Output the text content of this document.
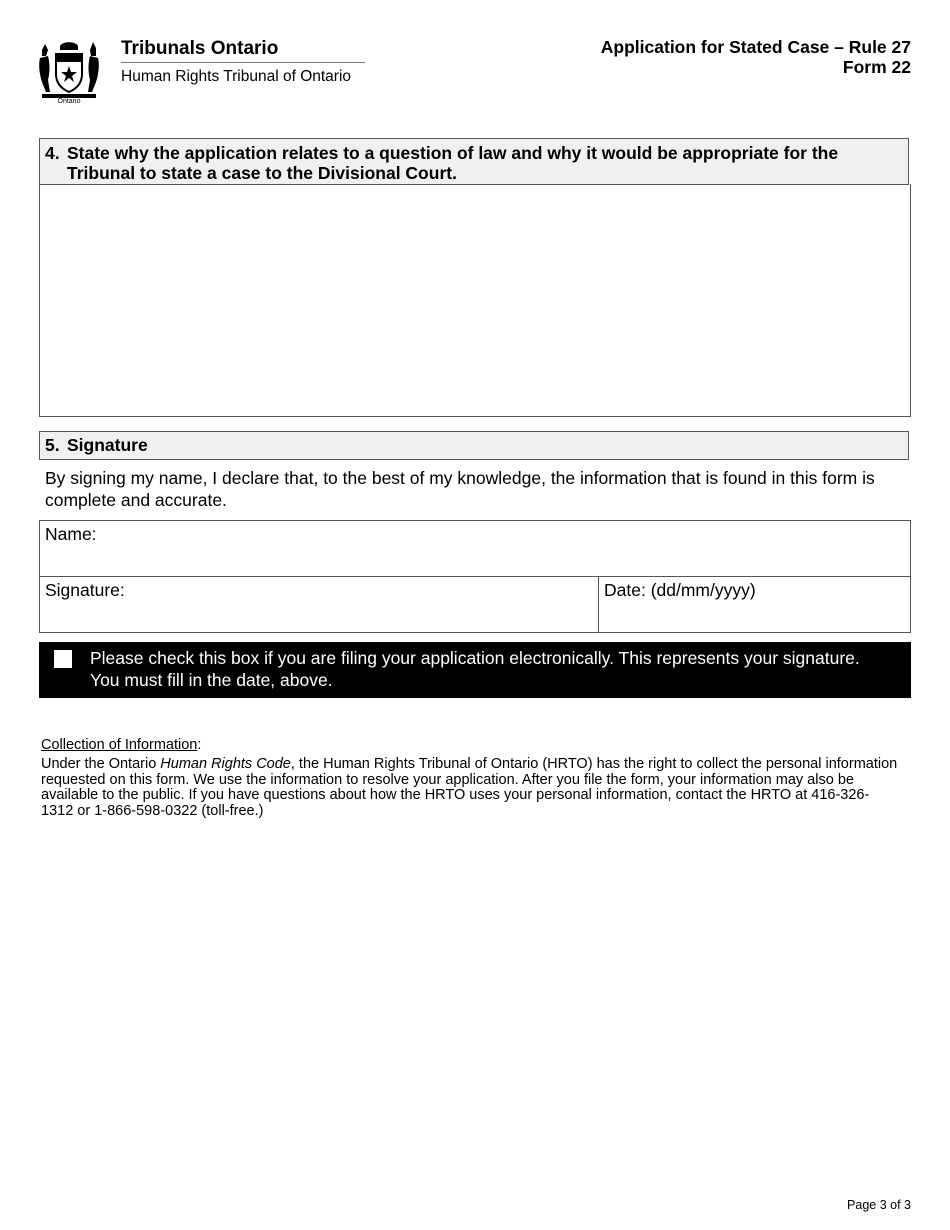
Ontario
Tribunals Ontario
Human Rights Tribunal of Ontario
Application for Stated Case – Rule 27
Form 22
4. State why the application relates to a question of law and why it would be appropriate for the Tribunal to state a case to the Divisional Court.
5. Signature
By signing my name, I declare that, to the best of my knowledge, the information that is found in this form is complete and accurate.
Name:
Signature:	Date: (dd/mm/yyyy)
Please check this box if you are filing your application electronically. This represents your signature. You must fill in the date, above.
Collection of Information:
Under the Ontario Human Rights Code, the Human Rights Tribunal of Ontario (HRTO) has the right to collect the personal information requested on this form. We use the information to resolve your application. After you file the form, your information may also be available to the public. If you have questions about how the HRTO uses your personal information, contact the HRTO at 416-326-1312 or 1-866-598-0322 (toll-free.)
Page 3 of 3
